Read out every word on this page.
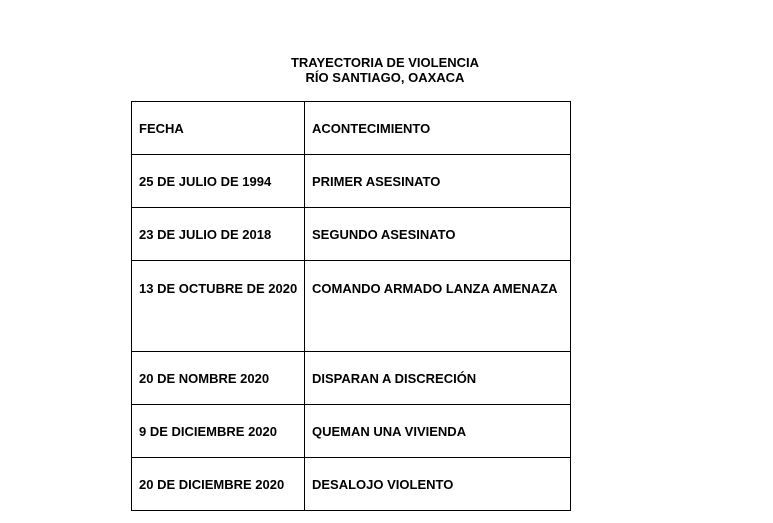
TRAYECTORIA DE VIOLENCIA
RÍO SANTIAGO, OAXACA
FECHA	ACONTECIMIENTO
25 DE JULIO DE 1994	PRIMER ASESINATO
23 DE JULIO DE 2018	SEGUNDO ASESINATO
13 DE OCTUBRE DE 2020	COMANDO ARMADO LANZA AMENAZA
20 DE NOMBRE 2020	DISPARAN A DISCRECIÓN
9 DE DICIEMBRE 2020	QUEMAN UNA VIVIENDA
20 DE DICIEMBRE 2020	DESALOJO VIOLENTO
